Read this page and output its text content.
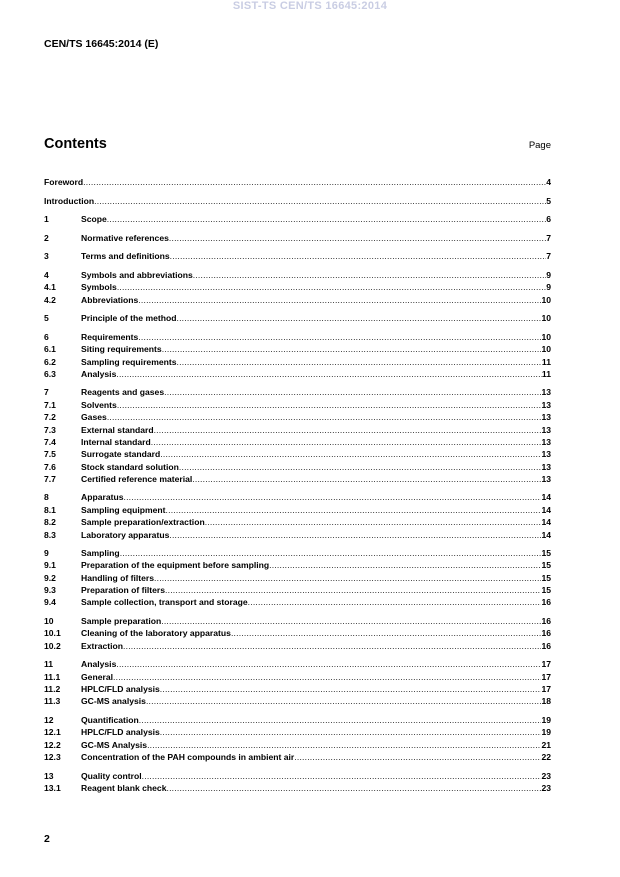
SIST-TS CEN/TS 16645:2014
CEN/TS 16645:2014 (E)
Contents	Page
Foreword .....	4
Introduction .....	5
1	Scope .....	6
2	Normative references .....	7
3	Terms and definitions .....	7
4	Symbols and abbreviations .....	9
4.1	Symbols .....	9
4.2	Abbreviations .....	10
5	Principle of the method .....	10
6	Requirements .....	10
6.1	Siting requirements .....	10
6.2	Sampling requirements .....	11
6.3	Analysis .....	11
7	Reagents and gases .....	13
7.1	Solvents .....	13
7.2	Gases .....	13
7.3	External standard .....	13
7.4	Internal standard .....	13
7.5	Surrogate standard .....	13
7.6	Stock standard solution .....	13
7.7	Certified reference material .....	13
8	Apparatus .....	14
8.1	Sampling equipment .....	14
8.2	Sample preparation/extraction .....	14
8.3	Laboratory apparatus .....	14
9	Sampling .....	15
9.1	Preparation of the equipment before sampling .....	15
9.2	Handling of filters .....	15
9.3	Preparation of filters .....	15
9.4	Sample collection, transport and storage .....	16
10	Sample preparation .....	16
10.1	Cleaning of the laboratory apparatus .....	16
10.2	Extraction .....	16
11	Analysis .....	17
11.1	General .....	17
11.2	HPLC/FLD analysis .....	17
11.3	GC-MS analysis .....	18
12	Quantification .....	19
12.1	HPLC/FLD analysis .....	19
12.2	GC-MS Analysis .....	21
12.3	Concentration of the PAH compounds in ambient air .....	22
13	Quality control .....	23
13.1	Reagent blank check .....	23
2
